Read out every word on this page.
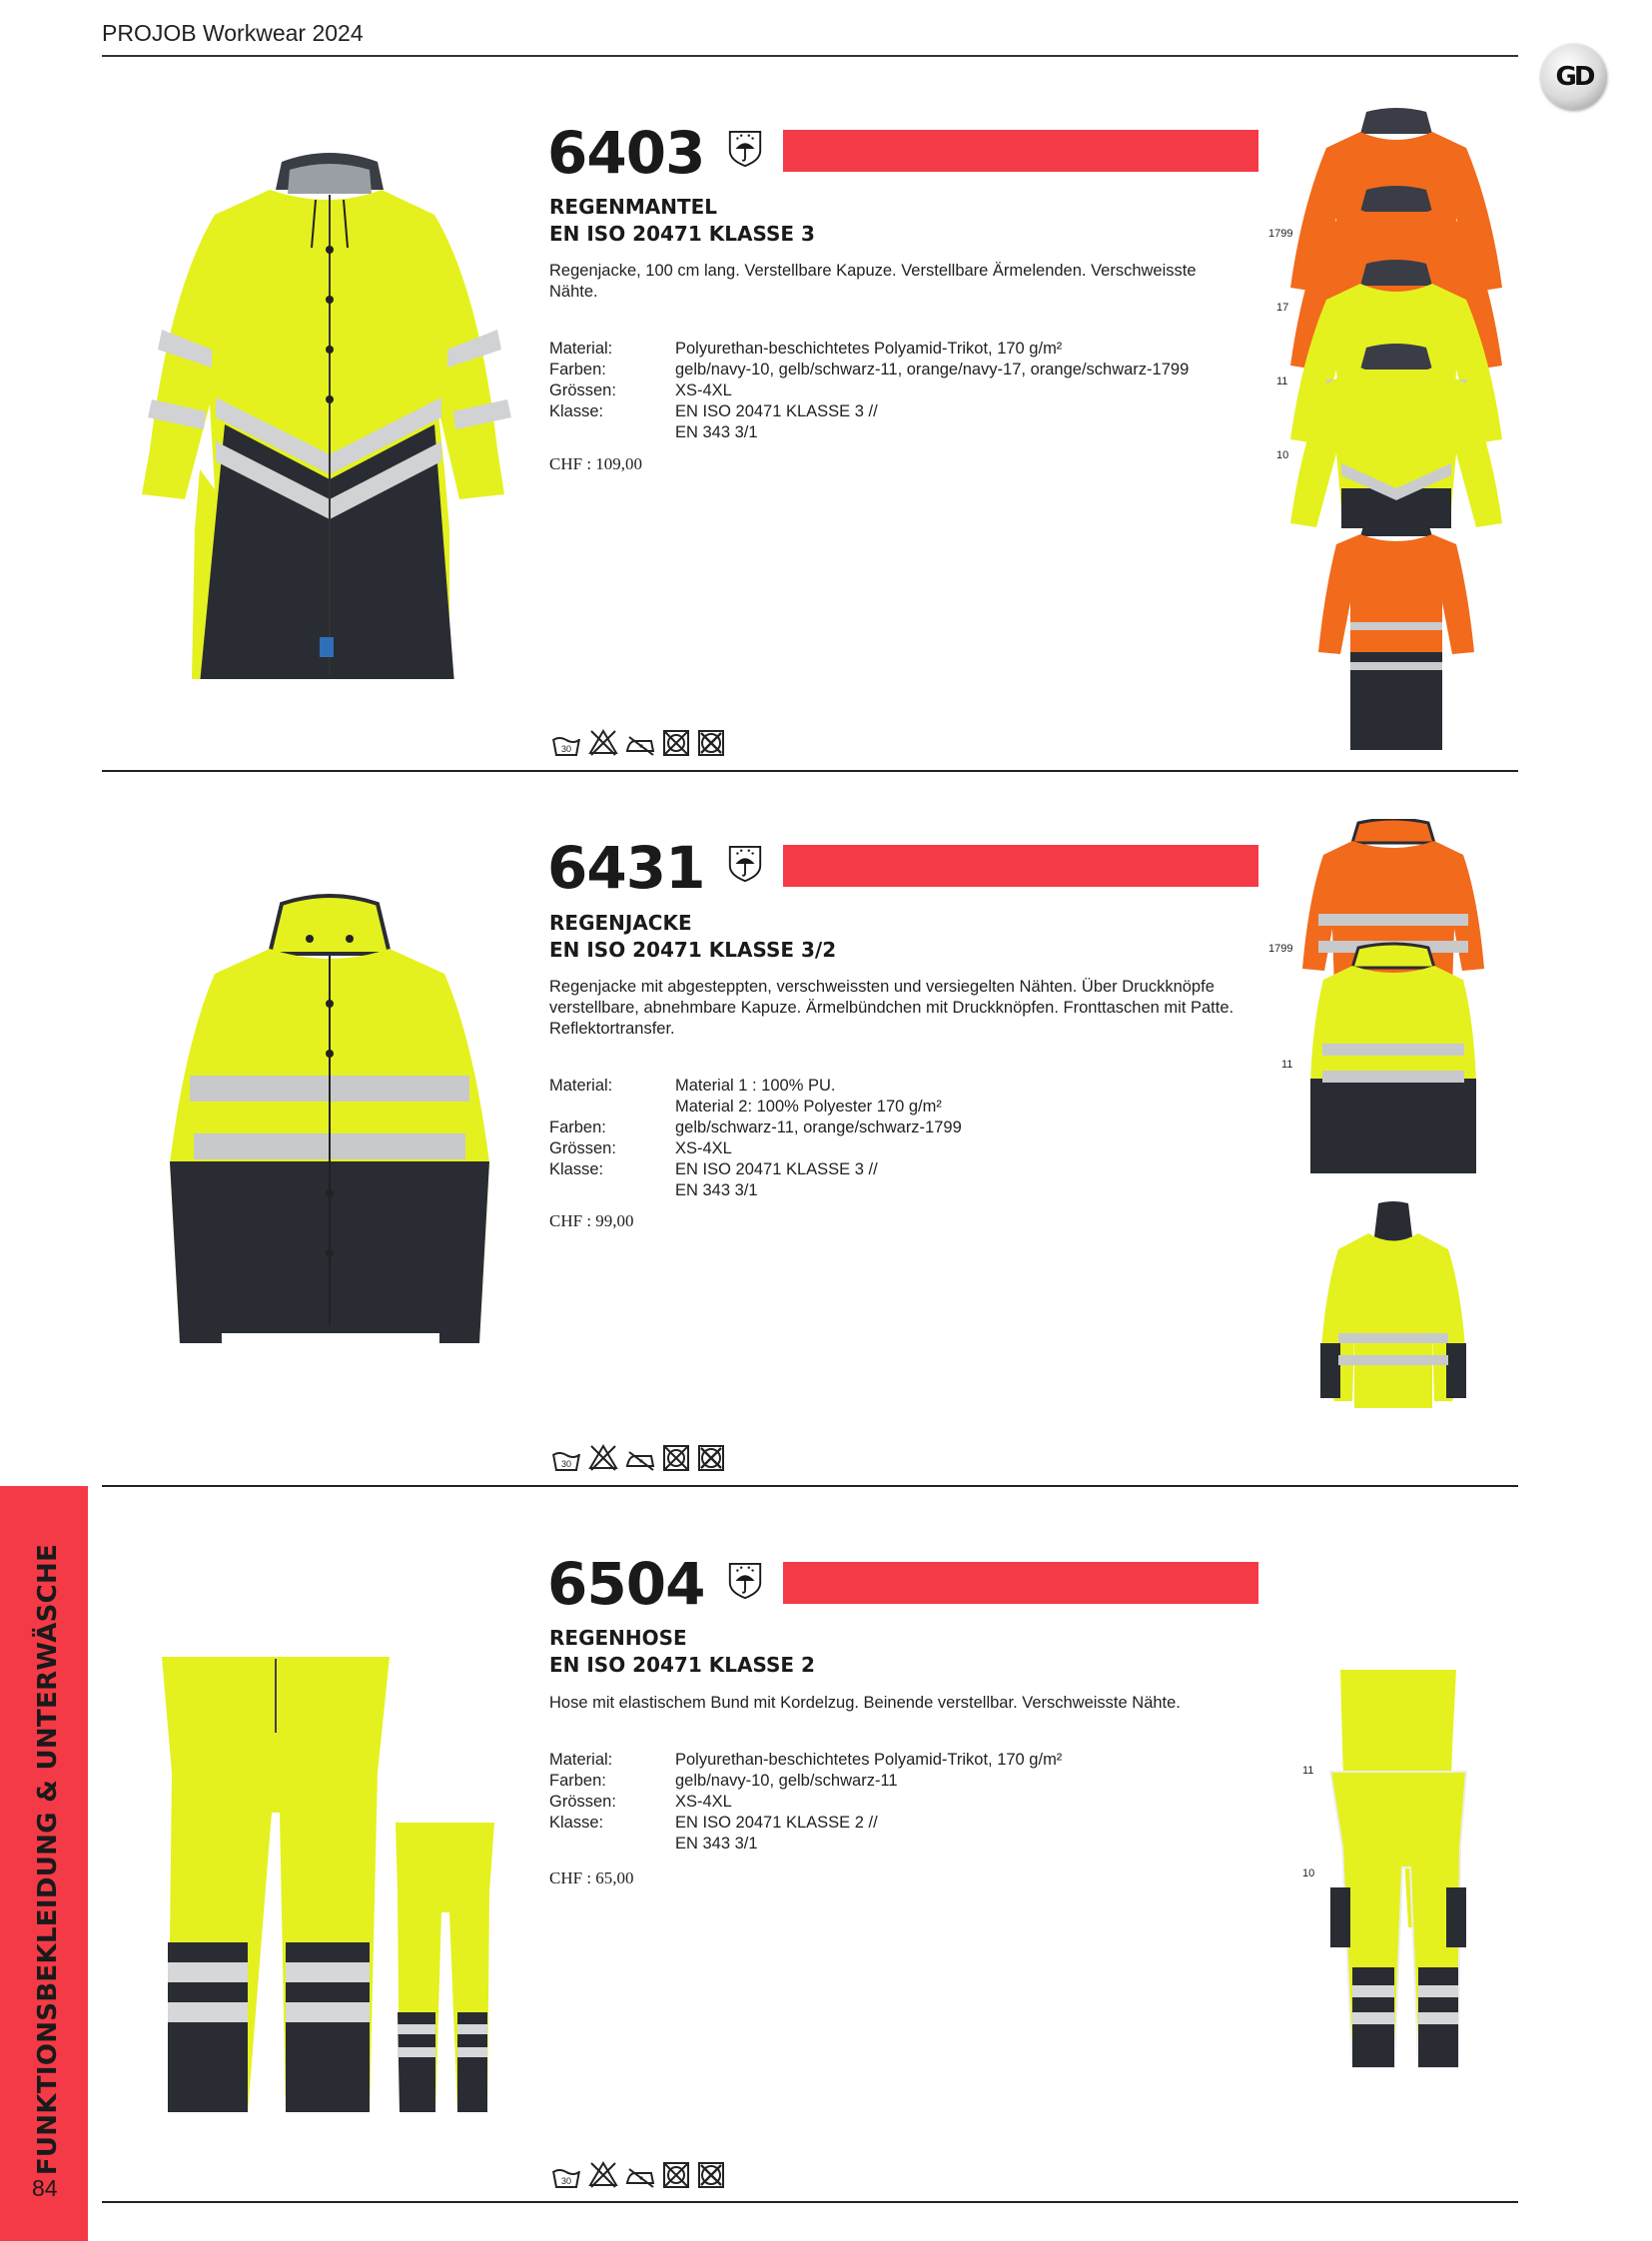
PROJOB Workwear 2024
GD
6403
REGENMANTEL
EN ISO 20471 KLASSE 3
Regenjacke, 100 cm lang. Verstellbare Kapuze. Verstellbare Ärmelenden. Verschweisste Nähte.
Material:	Polyurethan-beschichtetes Polyamid-Trikot, 170 g/m²
Farben:	gelb/navy-10, gelb/schwarz-11, orange/navy-17, orange/schwarz-1799
Grössen:	XS-4XL
Klasse:	EN ISO 20471 KLASSE 3 //
EN 343 3/1
CHF : 109,00
1799
17
11
10
6431
REGENJACKE
EN ISO 20471 KLASSE 3/2
Regenjacke mit abgesteppten, verschweissten und versiegelten Nähten. Über Druckknöpfe verstellbare, abnehmbare Kapuze. Ärmelbündchen mit Druckknöpfen. Fronttaschen mit Patte. Reflektortransfer.
Material:	Material 1 : 100% PU.
Material 2: 100% Polyester 170 g/m²
Farben:	gelb/schwarz-11, orange/schwarz-1799
Grössen:	XS-4XL
Klasse:	EN ISO 20471 KLASSE 3 //
EN 343 3/1
CHF : 99,00
1799
11
6504
REGENHOSE
EN ISO 20471 KLASSE 2
Hose mit elastischem Bund mit Kordelzug. Beinende verstellbar. Verschweisste Nähte.
Material:	Polyurethan-beschichtetes Polyamid-Trikot, 170 g/m²
Farben:	gelb/navy-10, gelb/schwarz-11
Grössen:	XS-4XL
Klasse:	EN ISO 20471 KLASSE 2 //
EN 343 3/1
CHF : 65,00
11
10
FUNKTIONSBEKLEIDUNG & UNTERWÄSCHE
84
